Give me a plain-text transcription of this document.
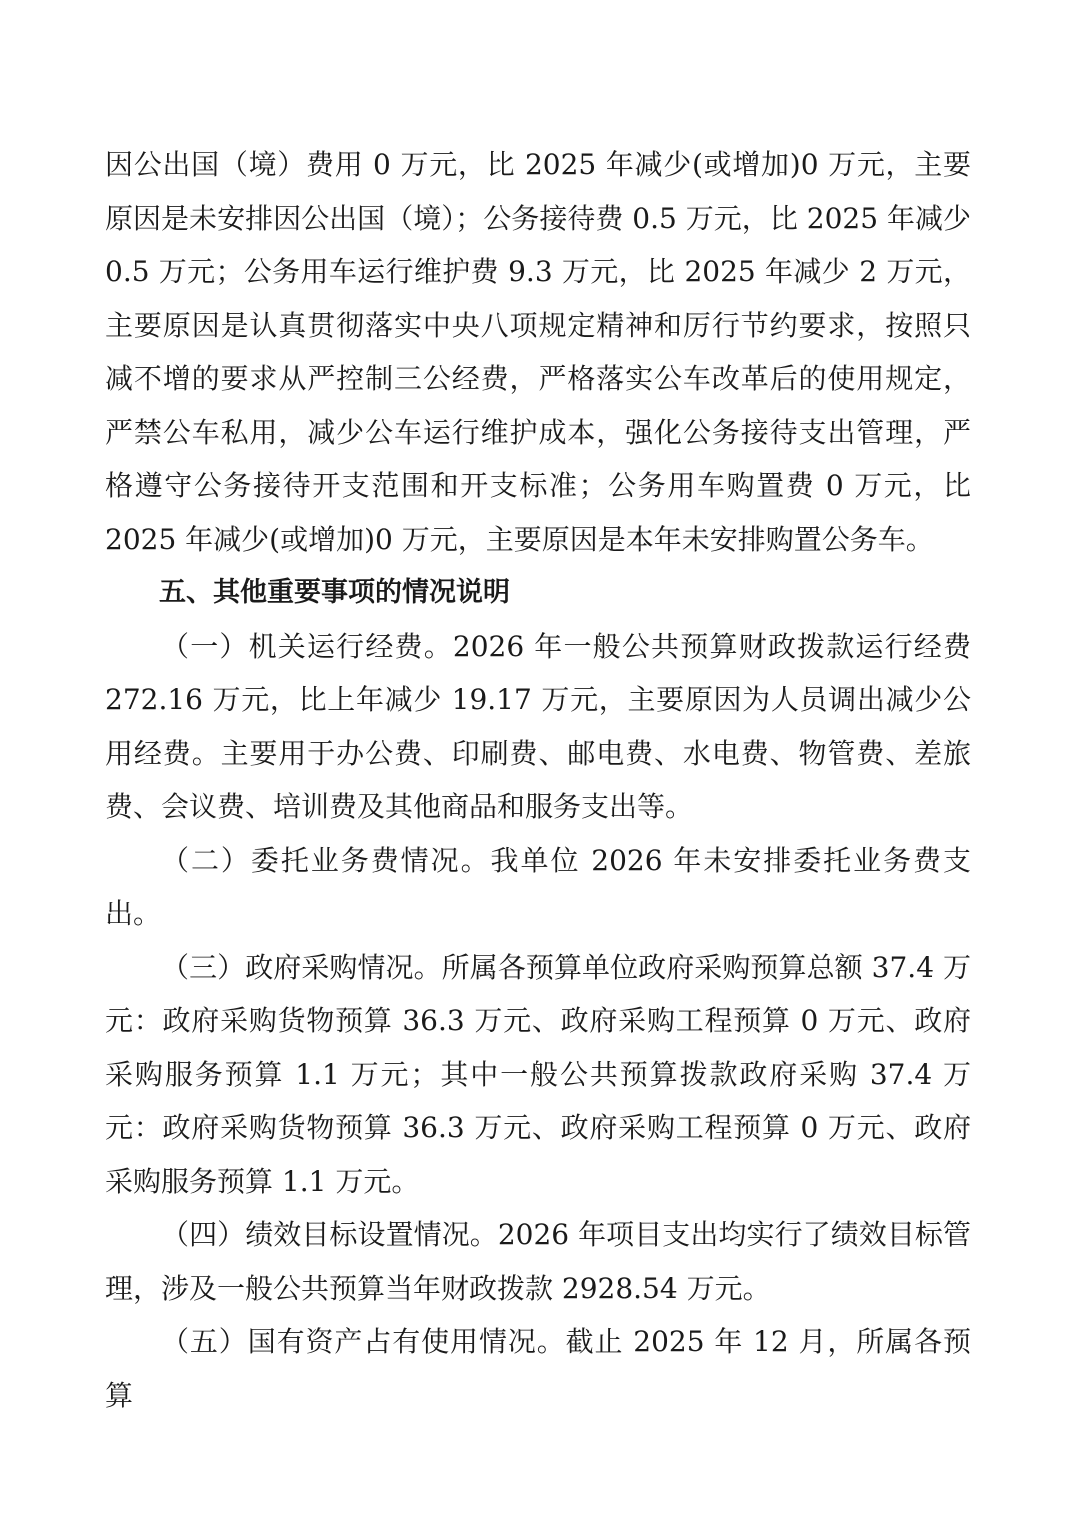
因公出国（境）费用 0 万元，比 2025 年减少(或增加)0 万元，主要原因是未安排因公出国（境）；公务接待费 0.5 万元，比 2025 年减少 0.5 万元；公务用车运行维护费 9.3 万元，比 2025 年减少 2 万元，主要原因是认真贯彻落实中央八项规定精神和厉行节约要求，按照只减不增的要求从严控制三公经费，严格落实公车改革后的使用规定，严禁公车私用，减少公车运行维护成本，强化公务接待支出管理，严格遵守公务接待开支范围和开支标准；公务用车购置费 0 万元，比 2025 年减少(或增加)0 万元，主要原因是本年未安排购置公务车。

五、其他重要事项的情况说明

（一）机关运行经费。2026 年一般公共预算财政拨款运行经费 272.16 万元，比上年减少 19.17 万元，主要原因为人员调出减少公用经费。主要用于办公费、印刷费、邮电费、水电费、物管费、差旅费、会议费、培训费及其他商品和服务支出等。

（二）委托业务费情况。我单位 2026 年未安排委托业务费支出。

（三）政府采购情况。所属各预算单位政府采购预算总额 37.4 万元：政府采购货物预算 36.3 万元、政府采购工程预算 0 万元、政府采购服务预算 1.1 万元；其中一般公共预算拨款政府采购 37.4 万元：政府采购货物预算 36.3 万元、政府采购工程预算 0 万元、政府采购服务预算 1.1 万元。

（四）绩效目标设置情况。2026 年项目支出均实行了绩效目标管理，涉及一般公共预算当年财政拨款 2928.54 万元。

（五）国有资产占有使用情况。截止 2025 年 12 月，所属各预算
